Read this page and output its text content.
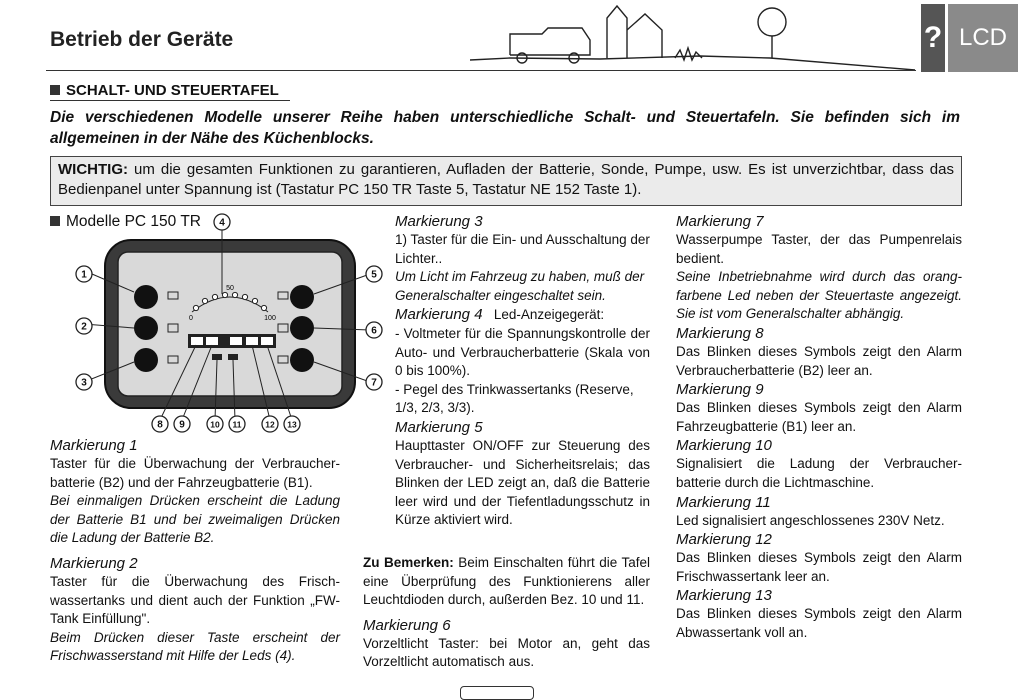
Betrieb der Geräte	? LCD
SCHALT- UND STEUERTAFEL
Die verschiedenen Modelle unserer Reihe haben unterschiedliche Schalt- und Steuertafeln. Sie befinden sich im allgemeinen in der Nähe des Küchenblocks.
WICHTIG: um die gesamten Funktionen zu garantieren, Aufladen der Batterie, Sonde, Pumpe, usw. Es ist unverzichtbar, dass das Bedienpanel unter Spannung ist (Tastatur PC 150 TR Taste 5, Tastatur NE 152 Taste 1).
Modelle PC 150 TR
0
50
100
1
2
3
4
5
6
7
8 9	10 11	12 13

Markierung 1

Taster für die Überwachung der Verbraucher-batterie (B2) und der Fahrzeugbatterie (B1).

Bei einmaligen Drücken erscheint die Ladung der Batterie B1 und bei zweimaligen Drücken die Ladung der Batterie B2.

Markierung 2

Taster für die Überwachung des Frisch-wassertanks und dient auch der Funktion „FW-Tank Einfüllung".

Beim Drücken dieser Taste erscheint der Frischwasserstand mit Hilfe der Leds (4).

Markierung 3

1) Taster für die Ein- und Ausschaltung der Lichter..

Um Licht im Fahrzeug zu haben, muß der Generalschalter eingeschaltet sein.

Markierung 4 Led-Anzeigegerät:

- Voltmeter für die Spannungskontrolle der Auto- und Verbraucherbatterie (Skala von 0 bis 100%).

- Pegel des Trinkwassertanks (Reserve, 1/3, 2/3, 3/3).

Markierung 5

Haupttaster ON/OFF zur Steuerung des Verbraucher- und Sicherheitsrelais; das Blinken der LED zeigt an, daß die Batterie leer wird und der Tiefentladungsschutz in Kürze aktiviert wird.

Zu Bemerken: Beim Einschalten führt die Tafel eine Überprüfung des Funktionierens aller Leuchtdioden durch, außerden Bez. 10 und 11.

Markierung 6

Vorzeltlicht Taster: bei Motor an, geht das Vorzeltlicht automatisch aus.

Markierung 7

Wasserpumpe Taster, der das Pumpenrelais bedient.

Seine Inbetriebnahme wird durch das orang-farbene Led neben der Steuertaste angezeigt. Sie ist vom Generalschalter abhängig.

Markierung 8

Das Blinken dieses Symbols zeigt den Alarm Verbraucherbatterie (B2) leer an.

Markierung 9

Das Blinken dieses Symbols zeigt den Alarm Fahrzeugbatterie (B1) leer an.

Markierung 10

Signalisiert die Ladung der Verbraucher-batterie durch die Lichtmaschine.

Markierung 11

Led signalisiert angeschlossenes 230V Netz.

Markierung 12

Das Blinken dieses Symbols zeigt den Alarm Frischwassertank leer an.

Markierung 13

Das Blinken dieses Symbols zeigt den Alarm Abwassertank voll an.
